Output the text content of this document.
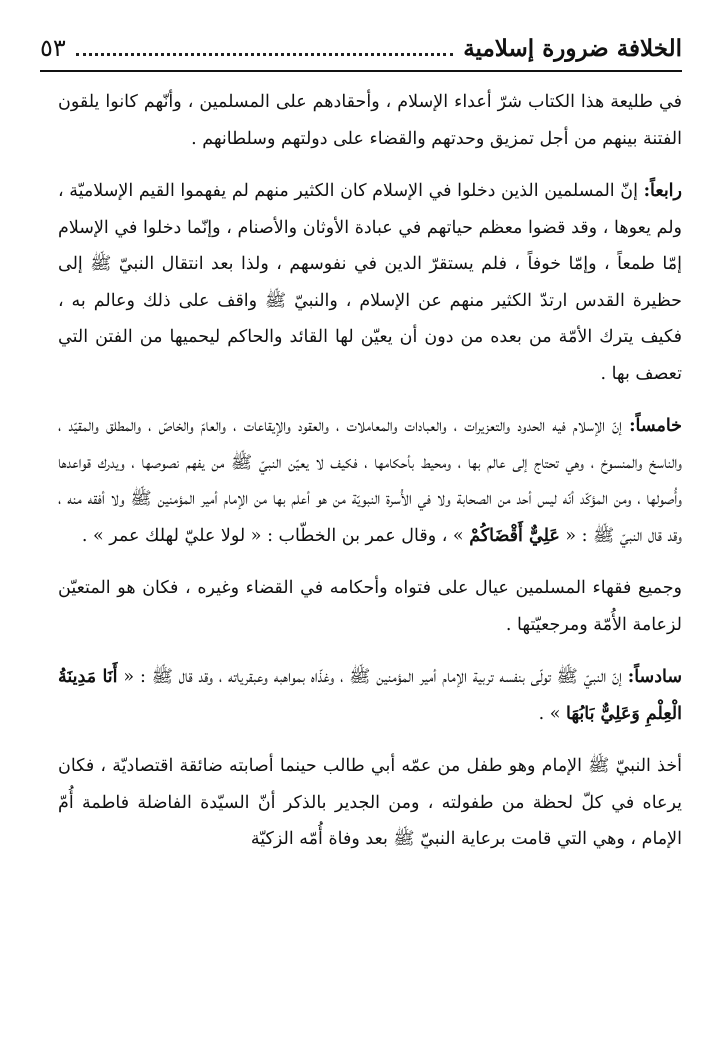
الخلافة ضرورة إسلامية
٥٣

في طليعة هذا الكتاب شرّ أعداء الإسلام ، وأحقادهم على المسلمين ، وأنّهم كانوا يلقون الفتنة بينهم من أجل تمزيق وحدتهم والقضاء على دولتهم وسلطانهم .

رابعاً: إنّ المسلمين الذين دخلوا في الإسلام كان الكثير منهم لم يفهموا القيم الإسلاميّة ، ولم يعوها ، وقد قضوا معظم حياتهم في عبادة الأوثان والأصنام ، وإنّما دخلوا في الإسلام إمّا طمعاً ، وإمّا خوفاً ، فلم يستقرّ الدين في نفوسهم ، ولذا بعد انتقال النبيّ ﷺ إلى حظيرة القدس ارتدّ الكثير منهم عن الإسلام ، والنبيّ ﷺ واقف على ذلك وعالم به ، فكيف يترك الأمّة من بعده من دون أن يعيّن لها القائد والحاكم ليحميها من الفتن التي تعصف بها .

خامساً: إنّ الإسلام فيه الحدود والتعزيرات ، والعبادات والمعاملات ، والعقود والإيقاعات ، والعامّ والخاصّ ، والمطلق والمقيّد ، والناسخ والمنسوخ ، وهي تحتاج إلى عالم بها ، ومحيط بأحكامها ، فكيف لا يعيّن النبيّ ﷺ من يفهم نصوصها ، ويدرك قواعدها وأُصولها ، ومن المؤكّد أنّه ليس أحد من الصحابة ولا في الأُسرة النبويّة من هو أعلم بها من الإمام أمير المؤمنين ﷺ ولا أفقه منه ، وقد قال النبيّ ﷺ : « عَلِيٌّ أَقْضَاكُمْ » ، وقال عمر بن الخطّاب : « لولا عليّ لهلك عمر » .

وجميع فقهاء المسلمين عيال على فتواه وأحكامه في القضاء وغيره ، فكان هو المتعيّن لزعامة الأُمّة ومرجعيّتها .

سادساً: إنّ النبيّ ﷺ تولّى بنفسه تربية الإمام أمير المؤمنين ﷺ ، وغذّاه بمواهبه وعبقرياته ، وقد قال ﷺ : « أَنَا مَدِينَةُ الْعِلْمِ وَعَلِيٌّ بَابُهَا » .

أخذ النبيّ ﷺ الإمام وهو طفل من عمّه أبي طالب حينما أصابته ضائقة اقتصاديّة ، فكان يرعاه في كلّ لحظة من طفولته ، ومن الجدير بالذكر أنّ السيّدة الفاضلة فاطمة أُمّ الإمام ، وهي التي قامت برعاية النبيّ ﷺ بعد وفاة أُمّه الزكيّة
